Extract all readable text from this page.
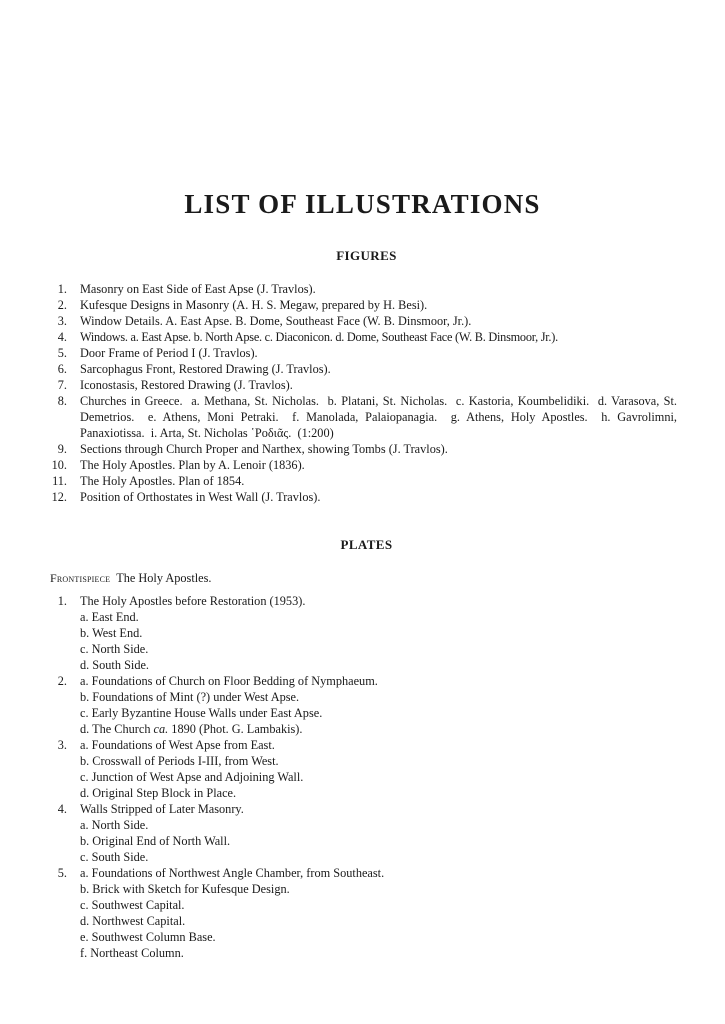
LIST OF ILLUSTRATIONS
FIGURES
1. Masonry on East Side of East Apse (J. Travlos).
2. Kufesque Designs in Masonry (A. H. S. Megaw, prepared by H. Besi).
3. Window Details. A. East Apse. B. Dome, Southeast Face (W. B. Dinsmoor, Jr.).
4. Windows. a. East Apse. b. North Apse. c. Diaconicon. d. Dome, Southeast Face (W. B. Dinsmoor, Jr.).
5. Door Frame of Period I (J. Travlos).
6. Sarcophagus Front, Restored Drawing (J. Travlos).
7. Iconostasis, Restored Drawing (J. Travlos).
8. Churches in Greece.  a. Methana, St. Nicholas.  b. Platani, St. Nicholas.  c. Kastoria, Koumbelidiki.  d. Varasova, St. Demetrios.  e. Athens, Moni Petraki.  f. Manolada, Palaiopanagia.  g. Athens, Holy Apostles.  h. Gavrolimni, Panaxiotissa.  i. Arta, St. Nicholas ῾Ροδιᾶς.  (1:200)
9. Sections through Church Proper and Narthex, showing Tombs (J. Travlos).
10. The Holy Apostles. Plan by A. Lenoir (1836).
11. The Holy Apostles. Plan of 1854.
12. Position of Orthostates in West Wall (J. Travlos).
PLATES
Frontispiece The Holy Apostles.
1. The Holy Apostles before Restoration (1953).
a. East End.
b. West End.
c. North Side.
d. South Side.
2. a. Foundations of Church on Floor Bedding of Nymphaeum.
b. Foundations of Mint (?) under West Apse.
c. Early Byzantine House Walls under East Apse.
d. The Church ca. 1890 (Phot. G. Lambakis).
3. a. Foundations of West Apse from East.
b. Crosswall of Periods I-III, from West.
c. Junction of West Apse and Adjoining Wall.
d. Original Step Block in Place.
4. Walls Stripped of Later Masonry.
a. North Side.
b. Original End of North Wall.
c. South Side.
5. a. Foundations of Northwest Angle Chamber, from Southeast.
b. Brick with Sketch for Kufesque Design.
c. Southwest Capital.
d. Northwest Capital.
e. Southwest Column Base.
f. Northeast Column.
